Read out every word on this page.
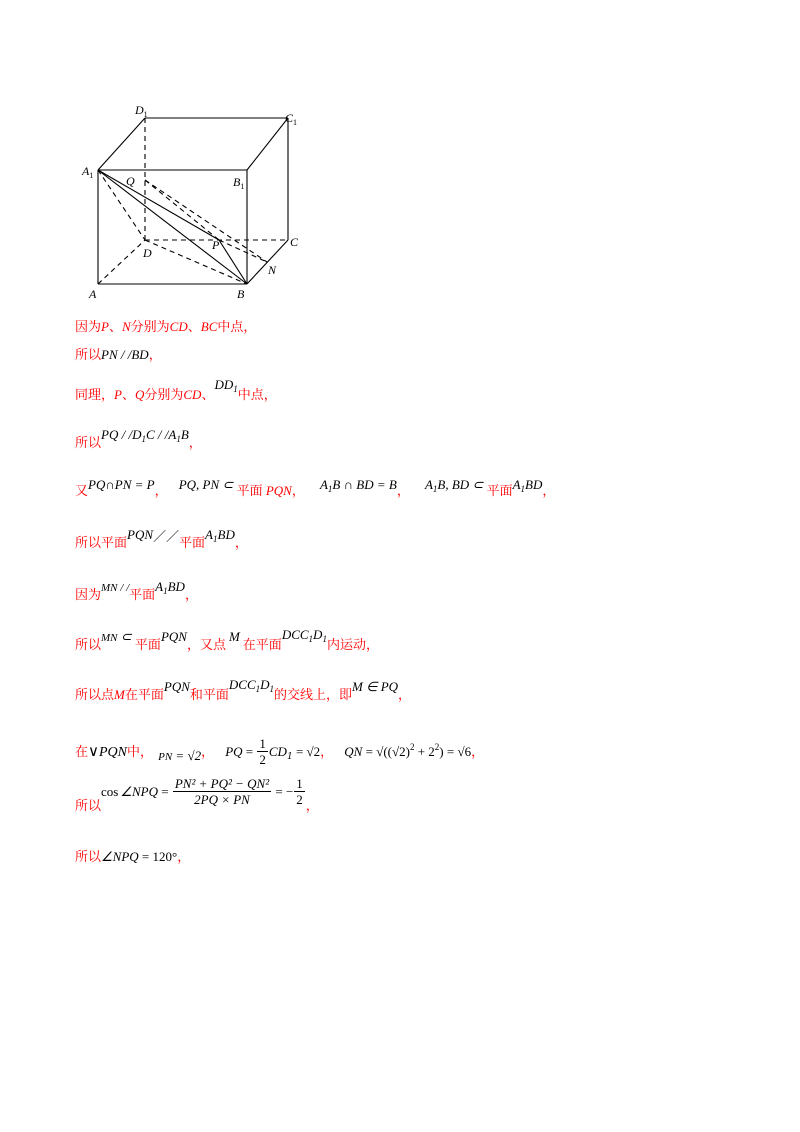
$D_1$	$C_1$
$A_1$	$B_1$
Q
D
P	C
N
A	B
因为P、N分别为CD、BC中点，
所以PN / /BD，
同理，P、Q分别为CD、$^{DD_1}$中点，
所以$^{PQ / /D_1C / /A_1B}$，
又$^{PQ\cap PN = P}$， $^{PQ, PN \subset}$ 平面 PQN， $^{A_1B \cap BD = B}$， $^{A_1B, BD \subset}$ 平面$^{A_1BD}$，
所以平面$^{PQN//}$平面$^{A_1BD}$，
因为$^{MN / /}$平面$^{A_1BD}$，
所以$^{MN \subset}$ 平面$^{PQN}$，又点$^M$在平面$^{DCC_1D_1}$内运动，
所以点M在平面$^{PQN}$和平面$^{DCC_1D_1}$的交线上，即$^{M \in PQ}$，
在∨PQN中， $_{PN = √2}$， PQ = $\frac{1}{2} CD_1 = √2$， QN = $√((√2)^2 + 2^2) = √6$，
$_{所以}$cos ∠NPQ = $\frac{\text{PN² + PQ² − QN²}}{2PQ \times PN}$ = − $\frac{1}{2} _,$
所以∠NPQ = 120°，
